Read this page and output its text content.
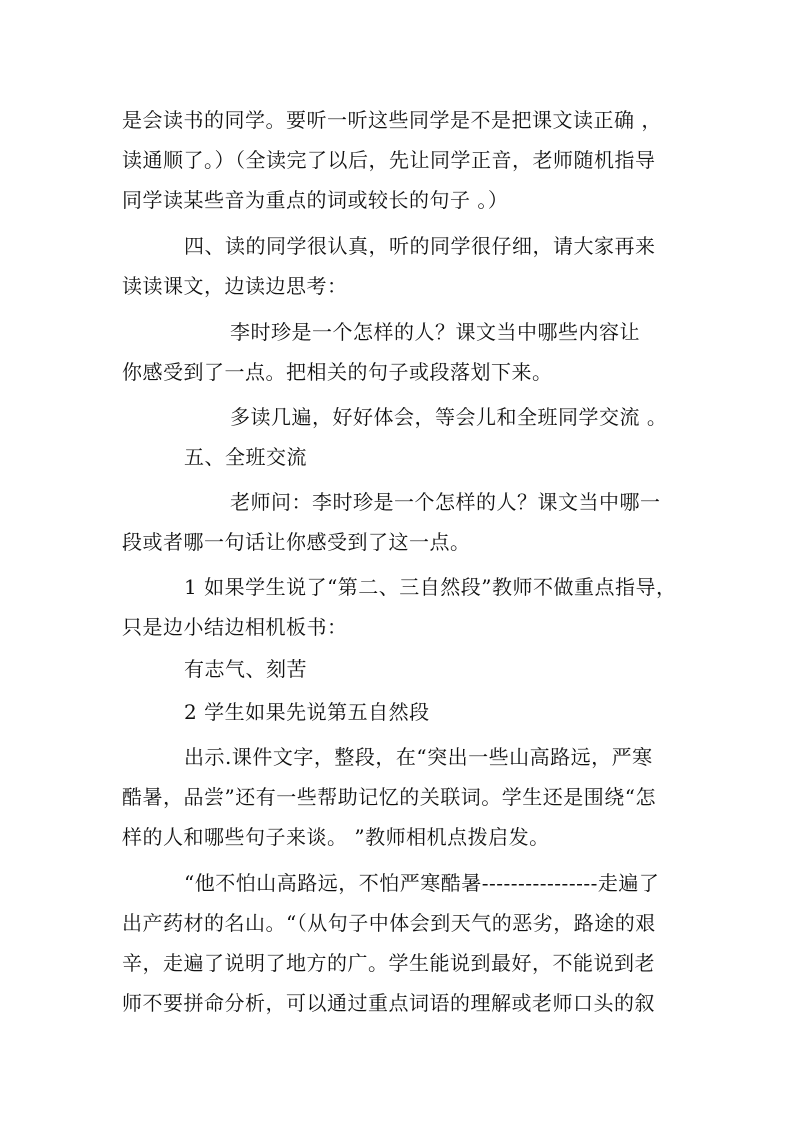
是会读书的同学。要听一听这些同学是不是把课文读正确 ，
读通顺了。）（全读完了以后，先让同学正音，老师随机指导
同学读某些音为重点的词或较长的句子 。）
四、读的同学很认真，听的同学很仔细，请大家再来
读读课文，边读边思考：
李时珍是一个怎样的人？课文当中哪些内容让
你感受到了一点。把相关的句子或段落划下来。
多读几遍，好好体会，等会儿和全班同学交流 。
五、全班交流
老师问：李时珍是一个怎样的人？课文当中哪一
段或者哪一句话让你感受到了这一点。
1 如果学生说了“第二、三自然段”教师不做重点指导，
只是边小结边相机板书：
有志气、刻苦
2 学生如果先说第五自然段
出示.课件文字，整段，在“突出一些山高路远，严寒
酷暑，品尝”还有一些帮助记忆的关联词。学生还是围绕“怎
样的人和哪些句子来谈。 ”教师相机点拨启发。
“他不怕山高路远，不怕严寒酷暑----------------走遍了
出产药材的名山。“（从句子中体会到天气的恶劣，路途的艰
辛，走遍了说明了地方的广。学生能说到最好，不能说到老
师不要拼命分析，可以通过重点词语的理解或老师口头的叙
